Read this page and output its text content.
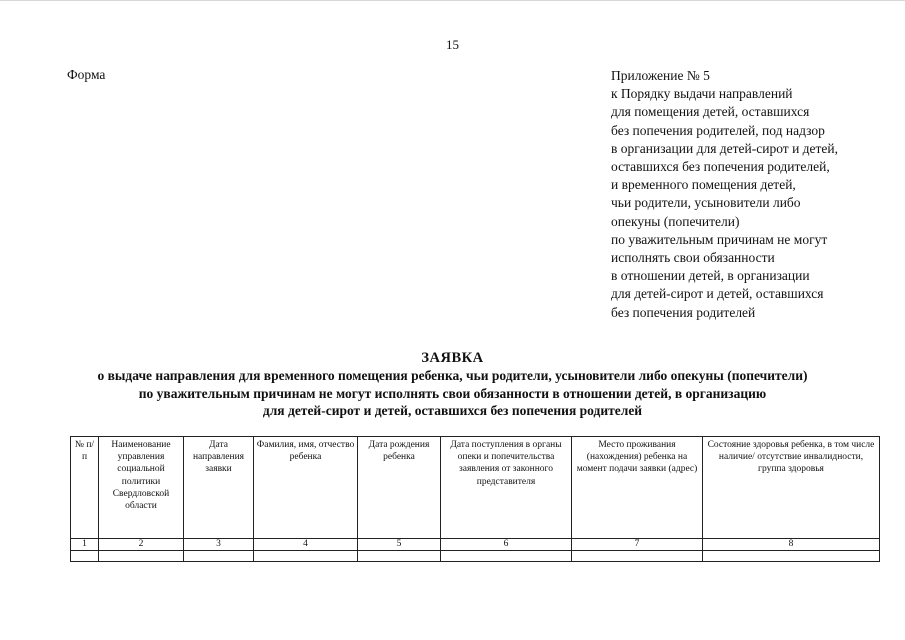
15
Форма	Приложение № 5
к Порядку выдачи направлений
для помещения детей, оставшихся
без попечения родителей, под надзор
в организации для детей-сирот и детей,
оставшихся без попечения родителей,
и временного помещения детей,
чьи родители, усыновители либо
опекуны (попечители)
по уважительным причинам не могут
исполнять свои обязанности
в отношении детей, в организации
для детей-сирот и детей, оставшихся
без попечения родителей
ЗАЯВКА
о выдаче направления для временного помещения ребенка, чьи родители, усыновители либо опекуны (попечители)
по уважительным причинам не могут исполнять свои обязанности в отношении детей, в организацию
для детей-сирот и детей, оставшихся без попечения родителей
№ п/п	Наименование управления социальной политики Свердловской области	Дата направления заявки	Фамилия, имя, отчество ребенка	Дата рождения ребенка	Дата поступления в органы опеки и попечительства заявления от законного представителя	Место проживания (нахождения) ребенка на момент подачи заявки (адрес)	Состояние здоровья ребенка, в том числе наличие/ отсутствие инвалидности, группа здоровья
1	2	3	4	5	6	7	8
